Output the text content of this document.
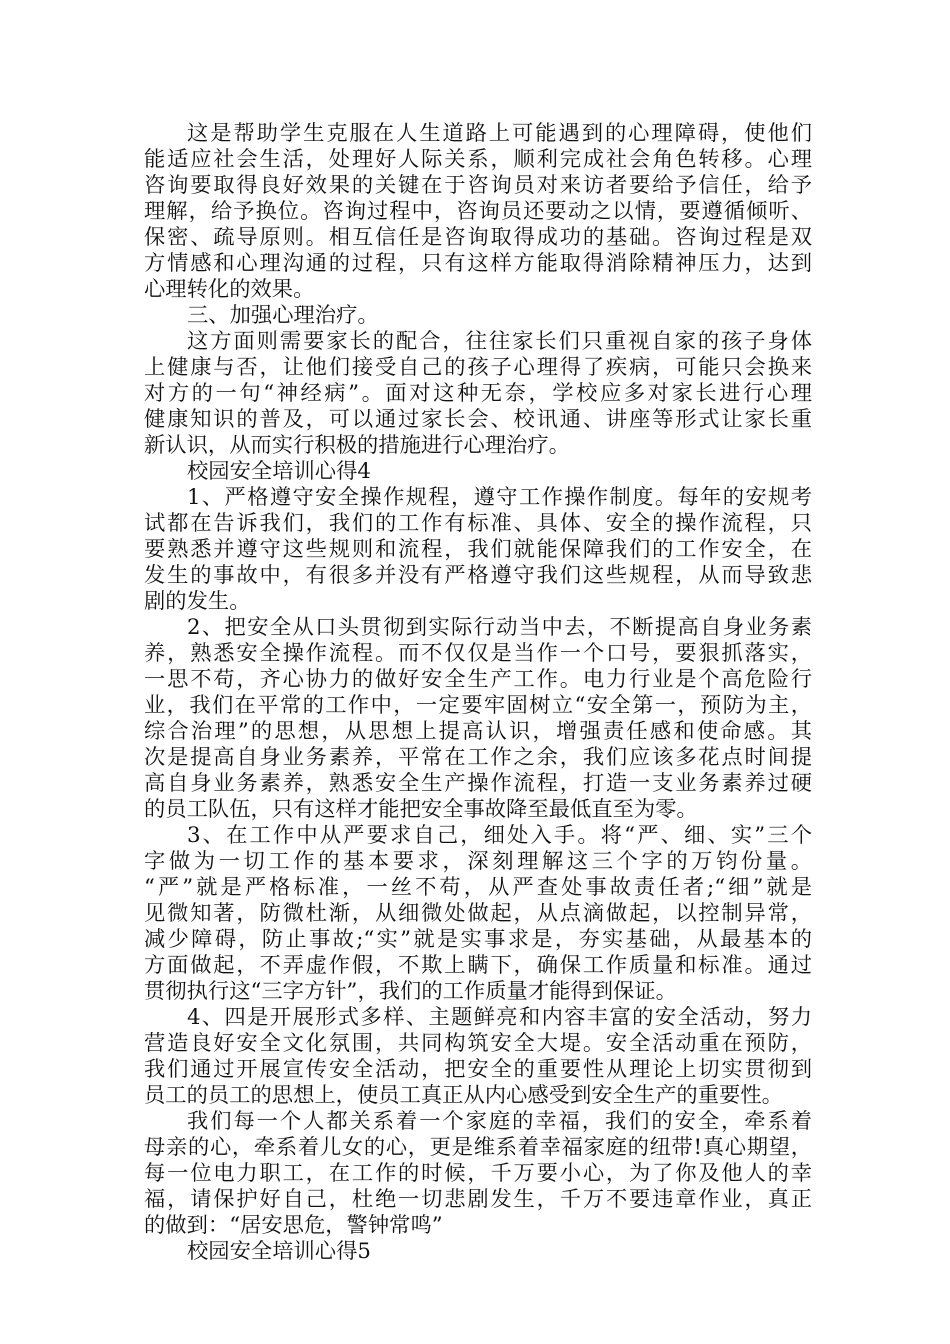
这是帮助学生克服在人生道路上可能遇到的心理障碍，使他们
能适应社会生活，处理好人际关系，顺利完成社会角色转移。心理
咨询要取得良好效果的关键在于咨询员对来访者要给予信任，给予
理解，给予换位。咨询过程中，咨询员还要动之以情，要遵循倾听、
保密、疏导原则。相互信任是咨询取得成功的基础。咨询过程是双
方情感和心理沟通的过程，只有这样方能取得消除精神压力，达到
心理转化的效果。
三、加强心理治疗。
这方面则需要家长的配合，往往家长们只重视自家的孩子身体
上健康与否，让他们接受自己的孩子心理得了疾病，可能只会换来
对方的一句“神经病”。面对这种无奈，学校应多对家长进行心理
健康知识的普及，可以通过家长会、校讯通、讲座等形式让家长重
新认识，从而实行积极的措施进行心理治疗。
校园安全培训心得4
1、严格遵守安全操作规程，遵守工作操作制度。每年的安规考
试都在告诉我们，我们的工作有标准、具体、安全的操作流程，只
要熟悉并遵守这些规则和流程，我们就能保障我们的工作安全，在
发生的事故中，有很多并没有严格遵守我们这些规程，从而导致悲
剧的发生。
2、把安全从口头贯彻到实际行动当中去，不断提高自身业务素
养，熟悉安全操作流程。而不仅仅是当作一个口号，要狠抓落实，
一思不苟，齐心协力的做好安全生产工作。电力行业是个高危险行
业，我们在平常的工作中，一定要牢固树立“安全第一，预防为主，
综合治理”的思想，从思想上提高认识，增强责任感和使命感。其
次是提高自身业务素养，平常在工作之余，我们应该多花点时间提
高自身业务素养，熟悉安全生产操作流程，打造一支业务素养过硬
的员工队伍，只有这样才能把安全事故降至最低直至为零。
3、在工作中从严要求自己，细处入手。将“严、细、实”三个
字做为一切工作的基本要求，深刻理解这三个字的万钧份量。
“严”就是严格标准，一丝不苟，从严查处事故责任者;“细”就是
见微知著，防微杜渐，从细微处做起，从点滴做起，以控制异常，
减少障碍，防止事故;“实”就是实事求是，夯实基础，从最基本的
方面做起，不弄虚作假，不欺上瞒下，确保工作质量和标准。通过
贯彻执行这“三字方针”，我们的工作质量才能得到保证。
4、四是开展形式多样、主题鲜亮和内容丰富的安全活动，努力
营造良好安全文化氛围，共同构筑安全大堤。安全活动重在预防，
我们通过开展宣传安全活动，把安全的重要性从理论上切实贯彻到
员工的员工的思想上，使员工真正从内心感受到安全生产的重要性。
我们每一个人都关系着一个家庭的幸福，我们的安全，牵系着
母亲的心，牵系着儿女的心，更是维系着幸福家庭的纽带!真心期望，
每一位电力职工，在工作的时候，千万要小心，为了你及他人的幸
福，请保护好自己，杜绝一切悲剧发生，千万不要违章作业，真正
的做到：“居安思危，警钟常鸣”
校园安全培训心得5
